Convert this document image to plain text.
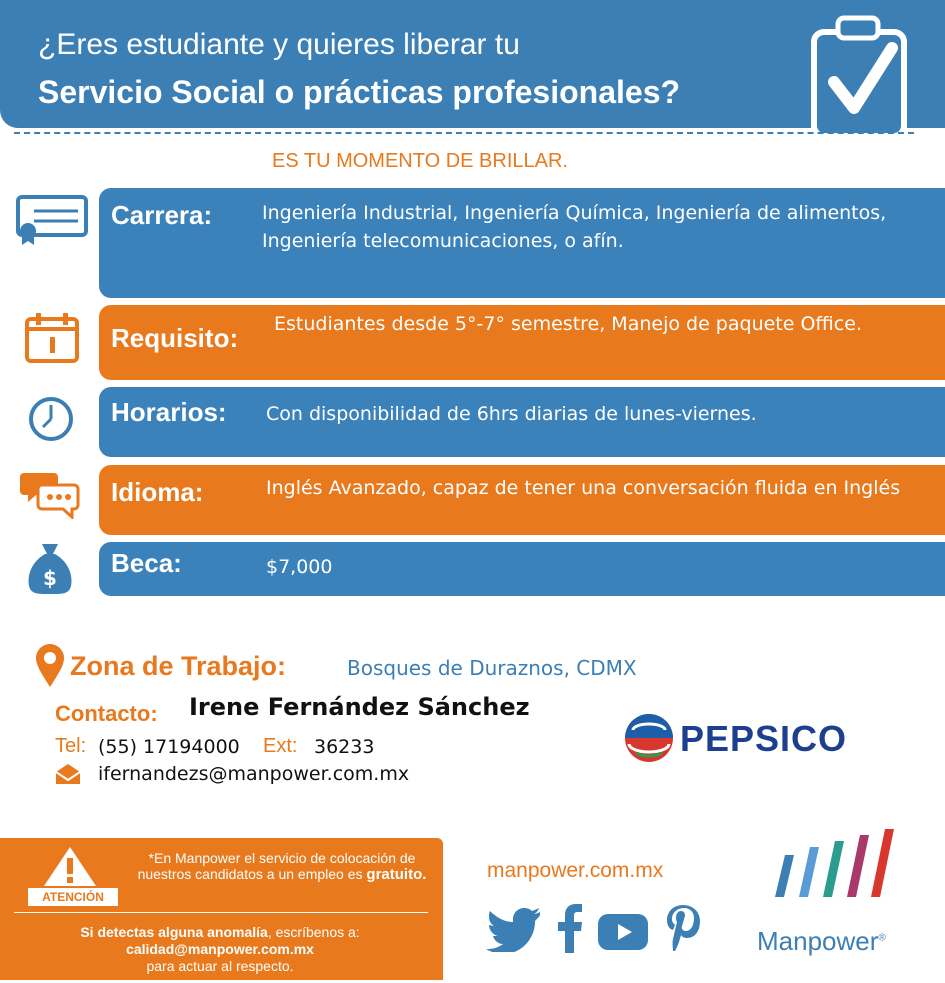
¿Eres estudiante y quieres liberar tu
Servicio Social o prácticas profesionales?
ES TU MOMENTO DE BRILLAR.
Carrera:	Ingeniería Industrial, Ingeniería Química, Ingeniería de alimentos, Ingeniería telecomunicaciones, o afín.
Requisito: Estudiantes desde 5°-7° semestre, Manejo de paquete Office.
Horarios: Con disponibilidad de 6hrs diarias de lunes-viernes.
Idioma:	Inglés Avanzado, capaz de tener una conversación fluida en Inglés
Beca:	$7,000
$
Zona de Trabajo:	Bosques de Duraznos, CDMX
Contacto: Irene Fernández Sánchez
Tel: (55) 17194000 Ext: 36233
ifernandezs@manpower.com.mx
PEPSICO
ATENCIÓN
*En Manpower el servicio de colocación de nuestros candidatos a un empleo es gratuito.
Si detectas alguna anomalía, escríbenos a:
calidad@manpower.com.mx
para actuar al respecto.
manpower.com.mx
Manpower®
